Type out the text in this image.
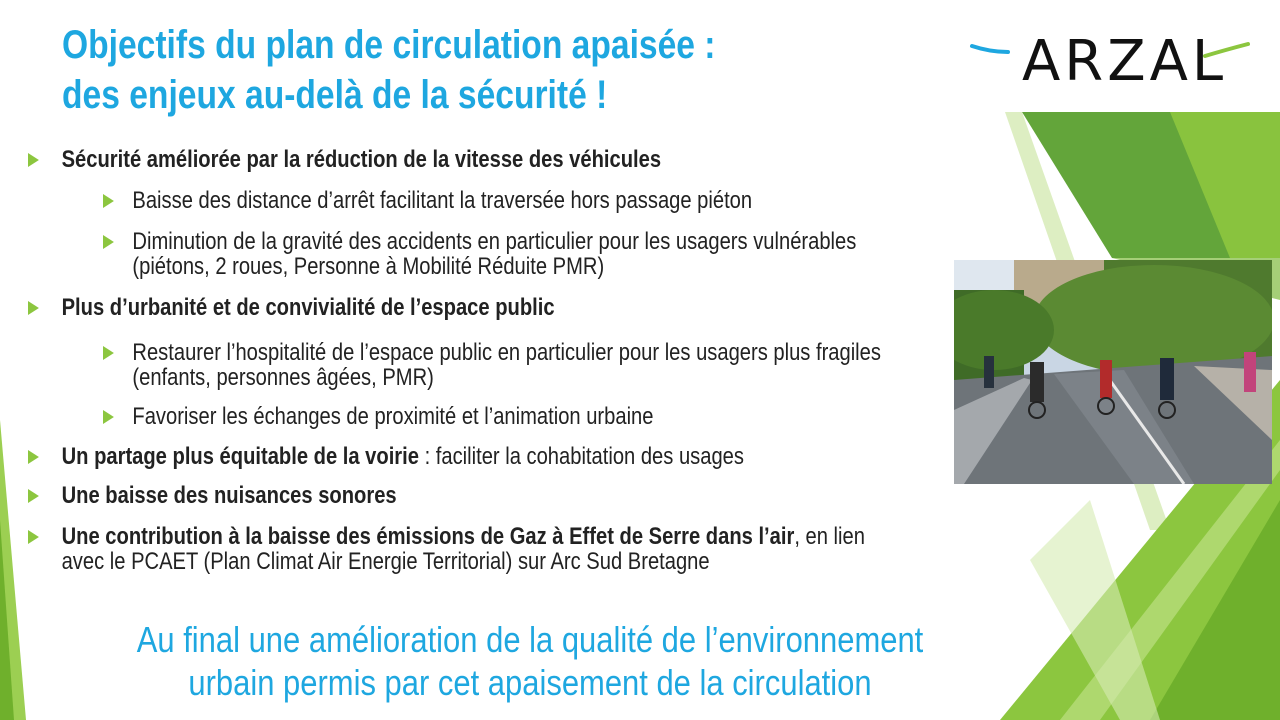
Objectifs du plan de circulation apaisée :
des enjeux au-delà de la sécurité !
ARZAL
Sécurité améliorée par la réduction de la vitesse des véhicules
Baisse des distance d’arrêt facilitant la traversée hors passage piéton
Diminution de la gravité des accidents en particulier pour les usagers vulnérables
(piétons, 2 roues, Personne à Mobilité Réduite PMR)
Plus d’urbanité et de convivialité de l’espace public
Restaurer l’hospitalité de l’espace public en particulier pour les usagers plus fragiles
(enfants, personnes âgées, PMR)
Favoriser les échanges de proximité et l’animation urbaine
Un partage plus équitable de la voirie : faciliter la cohabitation des usages
Une baisse des nuisances sonores
Une contribution à la baisse des émissions de Gaz à Effet de Serre dans l’air, en lien
avec le PCAET (Plan Climat Air Energie Territorial) sur Arc Sud Bretagne
Au final une amélioration de la qualité de l’environnement
urbain permis par cet apaisement de la circulation
